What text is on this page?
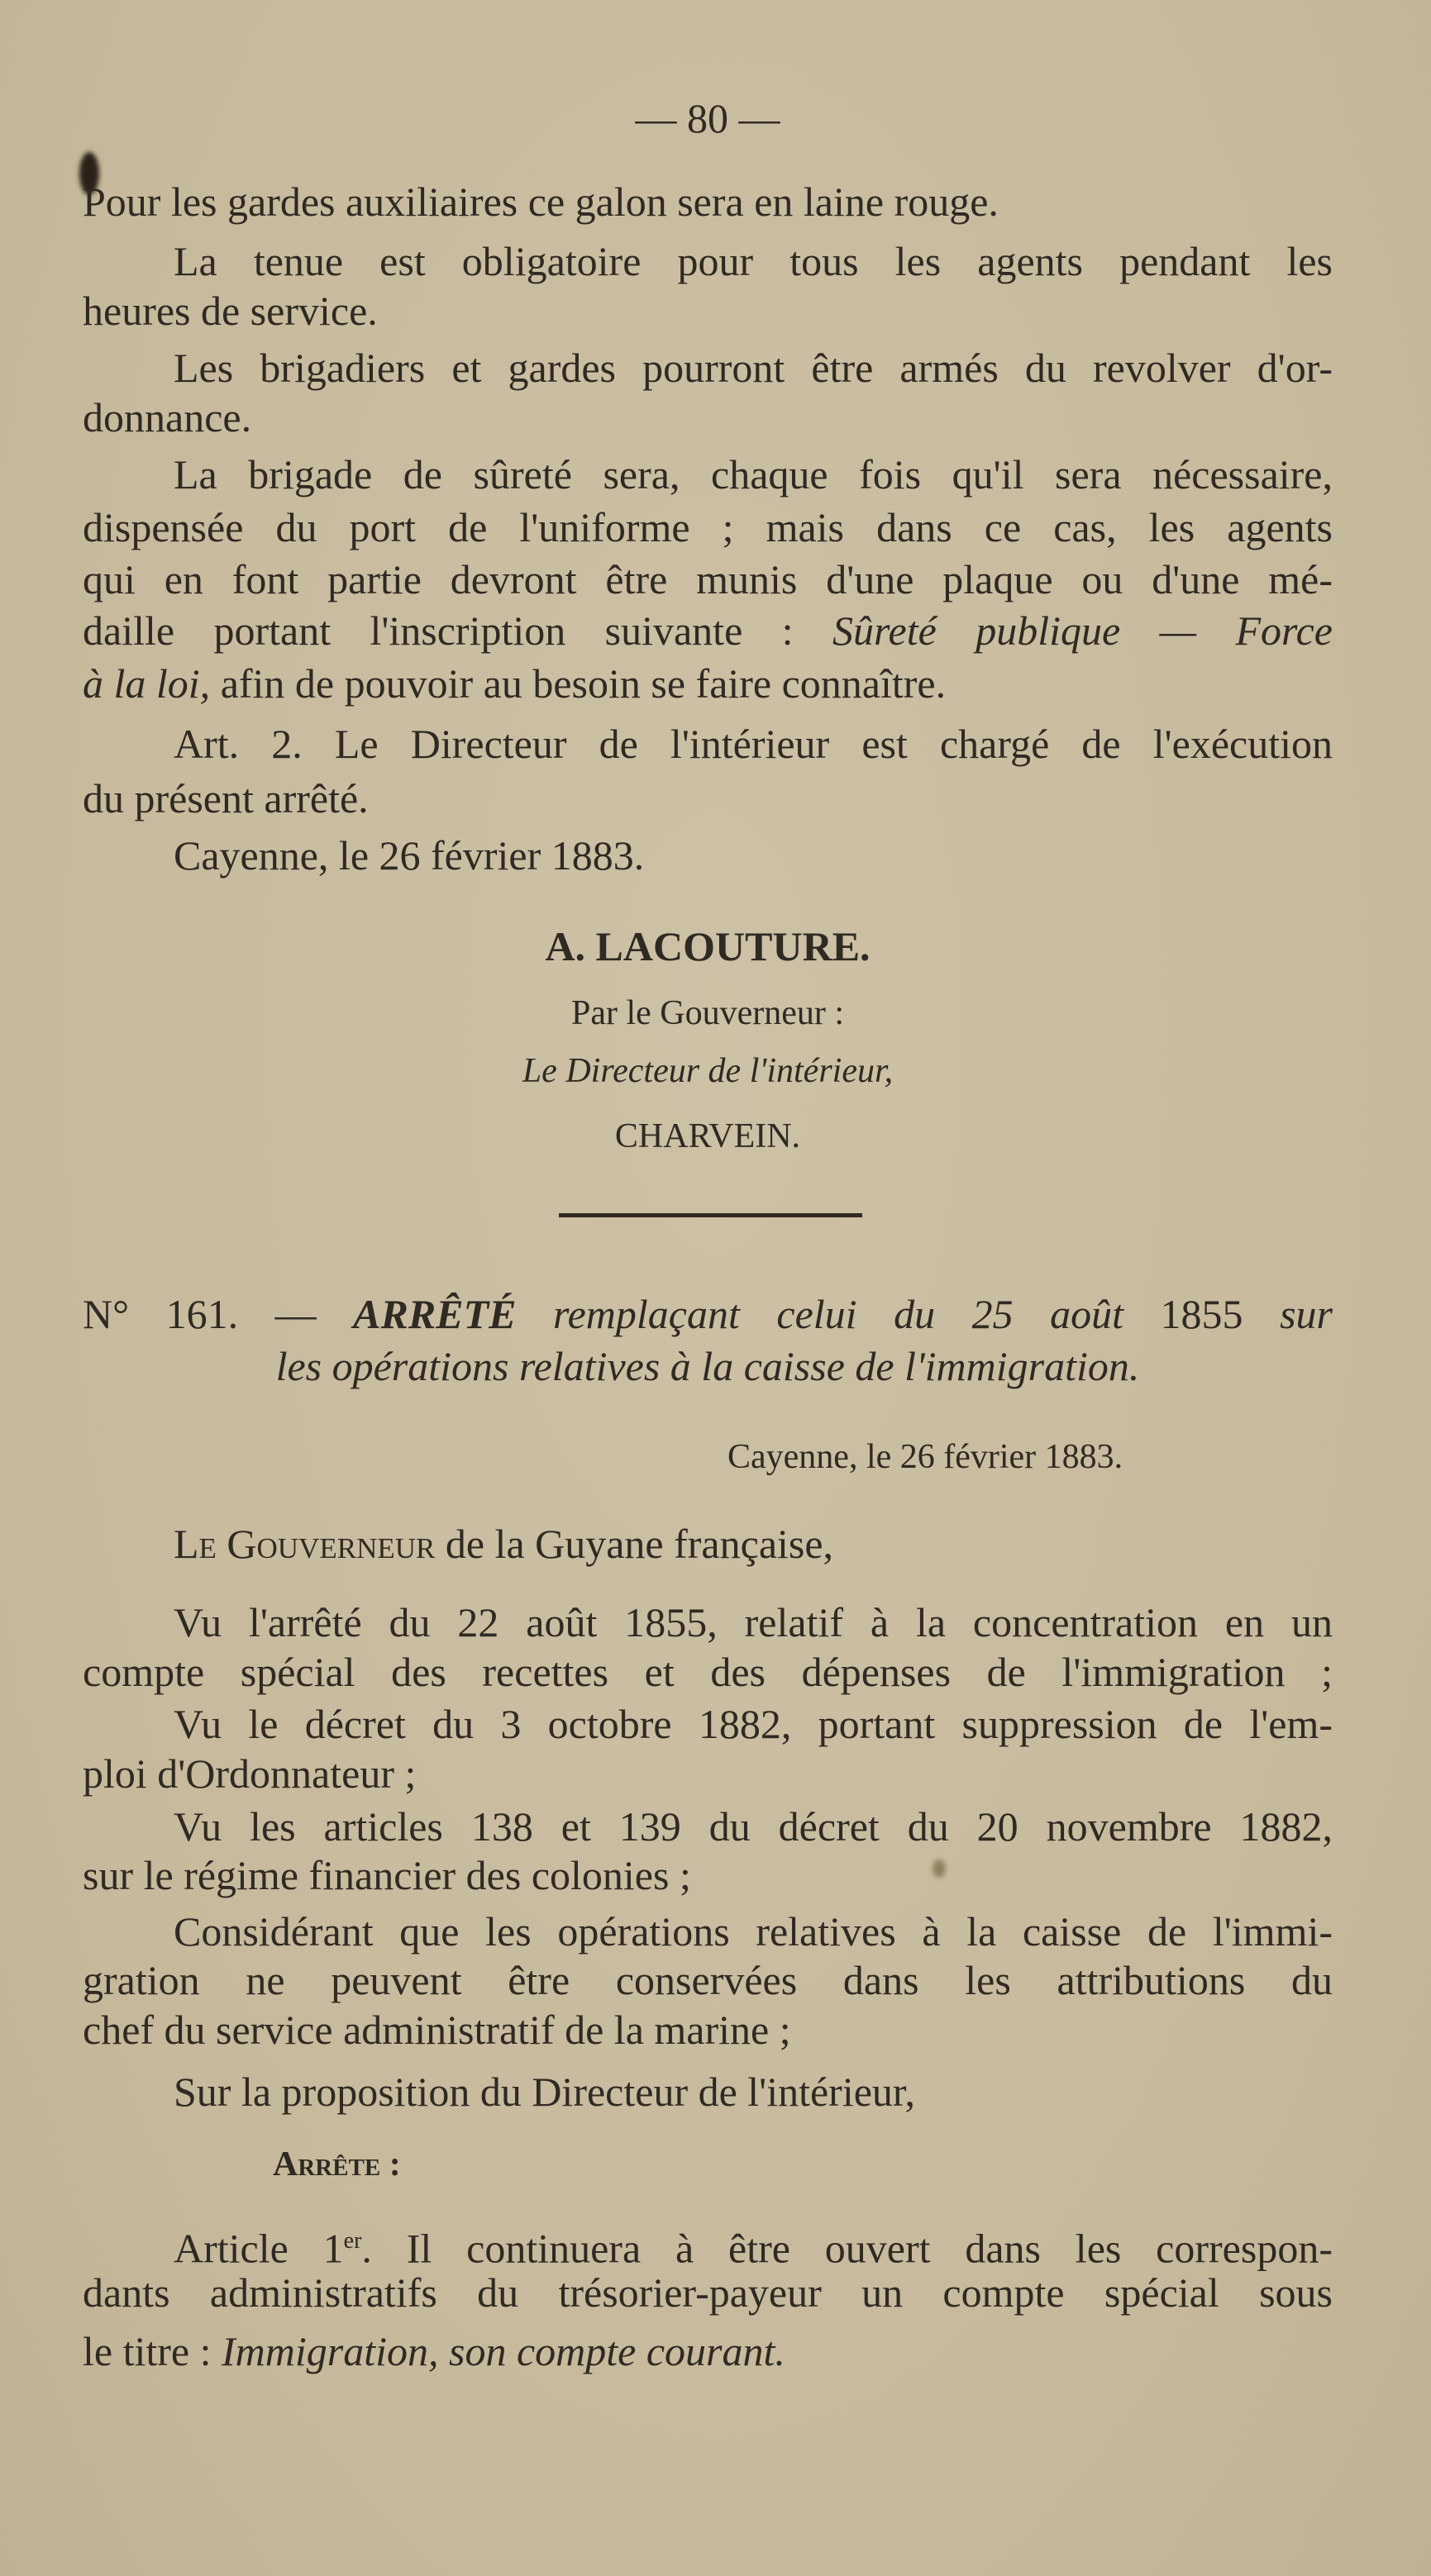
— 80 —
Pour les gardes auxiliaires ce galon sera en laine rouge.
La tenue est obligatoire pour tous les agents pendant les
heures de service.
Les brigadiers et gardes pourront être armés du revolver d'or-
donnance.
La brigade de sûreté sera, chaque fois qu'il sera nécessaire,
dispensée du port de l'uniforme ; mais dans ce cas, les agents
qui en font partie devront être munis d'une plaque ou d'une mé-
daille portant l'inscription suivante : Sûreté publique — Force
à la loi, afin de pouvoir au besoin se faire connaître.
Art. 2. Le Directeur de l'intérieur est chargé de l'exécution
du présent arrêté.
Cayenne, le 26 février 1883.
A. LACOUTURE.
Par le Gouverneur :
Le Directeur de l'intérieur,
CHARVEIN.
N° 161. — ARRÊTÉ remplaçant celui du 25 août 1855 sur
les opérations relatives à la caisse de l'immigration.
Cayenne, le 26 février 1883.
Le Gouverneur de la Guyane française,
Vu l'arrêté du 22 août 1855, relatif à la concentration en un
compte spécial des recettes et des dépenses de l'immigration ;
Vu le décret du 3 octobre 1882, portant suppression de l'em-
ploi d'Ordonnateur ;
Vu les articles 138 et 139 du décret du 20 novembre 1882,
sur le régime financier des colonies ;
Considérant que les opérations relatives à la caisse de l'immi-
gration ne peuvent être conservées dans les attributions du
chef du service administratif de la marine ;
Sur la proposition du Directeur de l'intérieur,
Arrête :
Article 1er. Il continuera à être ouvert dans les correspon-
dants administratifs du trésorier-payeur un compte spécial sous
le titre : Immigration, son compte courant.
